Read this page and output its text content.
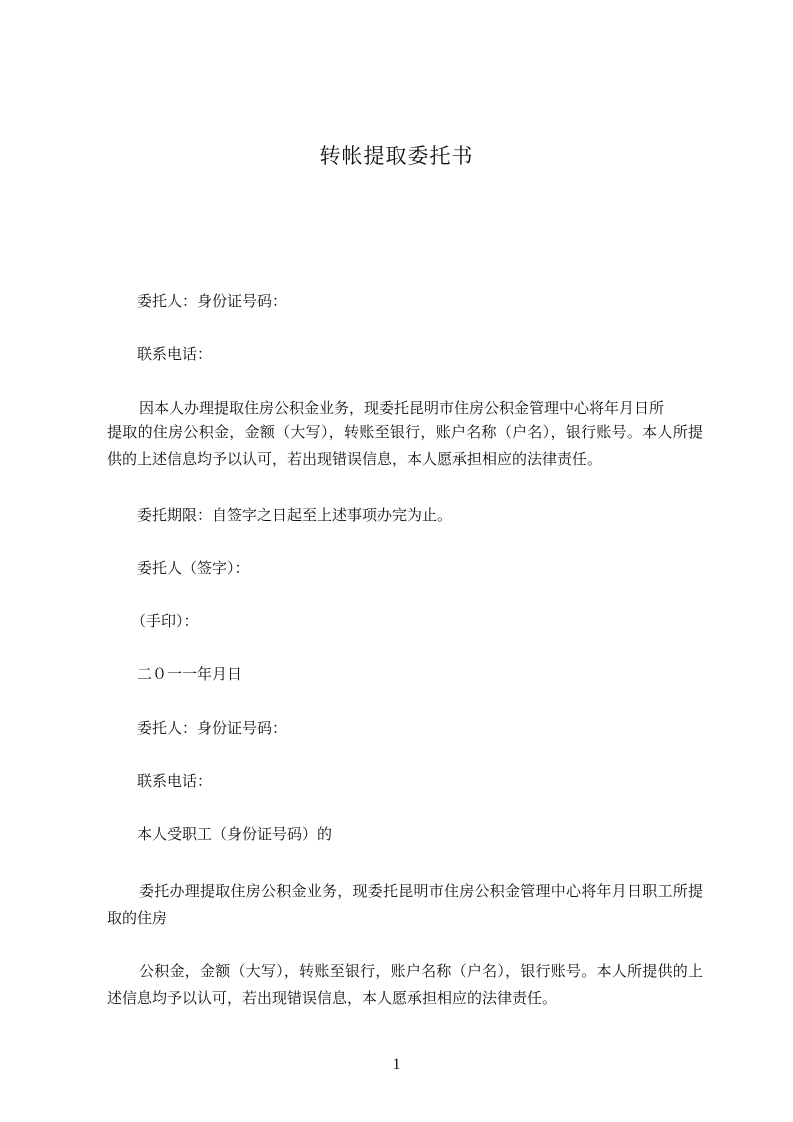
转帐提取委托书

委托人：身份证号码：

联系电话：

因本人办理提取住房公积金业务，现委托昆明市住房公积金管理中心将年月日所

提取的住房公积金，金额（大写），转账至银行，账户名称（户名），银行账号。本人所提供的上述信息均予以认可，若出现错误信息，本人愿承担相应的法律责任。

委托期限：自签字之日起至上述事项办完为止。

委托人（签字）：

（手印）：

二０一一年月日

委托人：身份证号码：

联系电话：

本人受职工（身份证号码）的

委托办理提取住房公积金业务，现委托昆明市住房公积金管理中心将年月日职工所提取的住房

公积金，金额（大写），转账至银行，账户名称（户名），银行账号。本人所提供的上述信息均予以认可，若出现错误信息，本人愿承担相应的法律责任。

1
